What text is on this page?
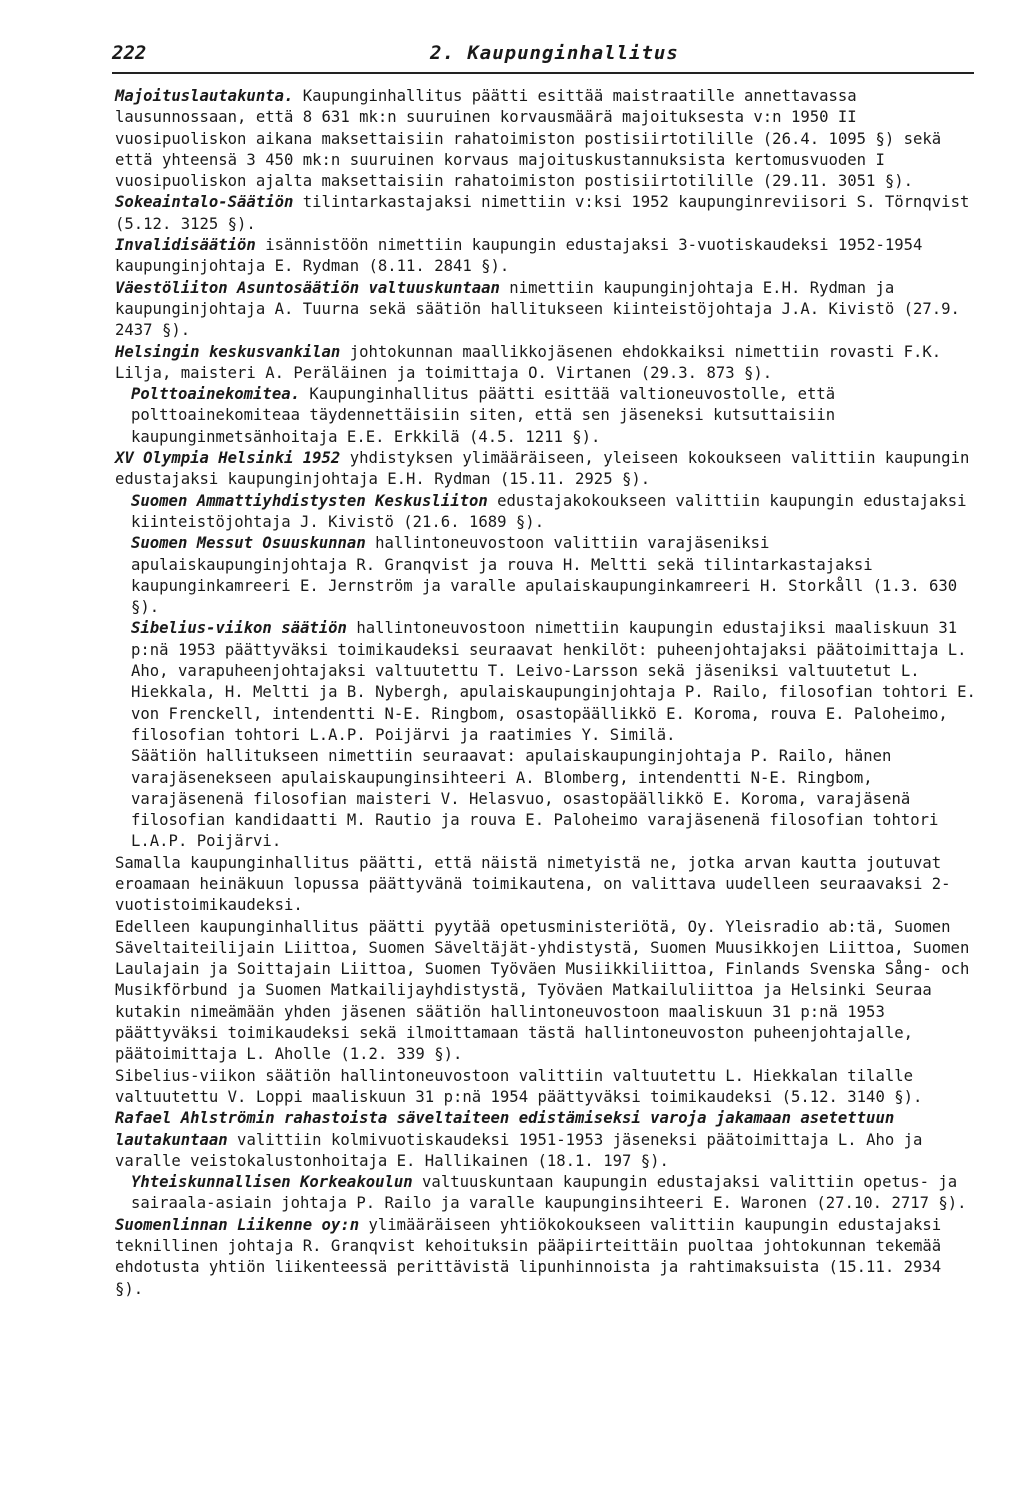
222	2. Kaupunginhallitus

Majoituslautakunta. Kaupunginhallitus päätti esittää maistraatille annettavassa lausunnossaan, että 8 631 mk:n suuruinen korvausmäärä majoituksesta v:n 1950 II vuosipuoliskon aikana maksettaisiin rahatoimiston postisiirtotilille (26.4. 1095 §) sekä että yhteensä 3 450 mk:n suuruinen korvaus majoituskustannuksista kertomusvuoden I vuosipuoliskon ajalta maksettaisiin rahatoimiston postisiirtotilille (29.11. 3051 §).

Sokeaintalo-Säätiön tilintarkastajaksi nimettiin v:ksi 1952 kaupunginreviisori S. Törnqvist (5.12. 3125 §).

Invalidisäätiön isännistöön nimettiin kaupungin edustajaksi 3-vuotiskaudeksi 1952-1954 kaupunginjohtaja E. Rydman (8.11. 2841 §).

Väestöliiton Asuntosäätiön valtuuskuntaan nimettiin kaupunginjohtaja E.H. Rydman ja kaupunginjohtaja A. Tuurna sekä säätiön hallitukseen kiinteistöjohtaja J.A. Kivistö (27.9. 2437 §).

Helsingin keskusvankilan johtokunnan maallikkojäsenen ehdokkaiksi nimettiin rovasti F.K. Lilja, maisteri A. Peräläinen ja toimittaja O. Virtanen (29.3. 873 §).

Polttoainekomitea. Kaupunginhallitus päätti esittää valtioneuvostolle, että polttoainekomiteaa täydennettäisiin siten, että sen jäseneksi kutsuttaisiin kaupunginmetsänhoitaja E.E. Erkkilä (4.5. 1211 §).

XV Olympia Helsinki 1952 yhdistyksen ylimääräiseen, yleiseen kokoukseen valittiin kaupungin edustajaksi kaupunginjohtaja E.H. Rydman (15.11. 2925 §).

Suomen Ammattiyhdistysten Keskusliiton edustajakokoukseen valittiin kaupungin edustajaksi kiinteistöjohtaja J. Kivistö (21.6. 1689 §).

Suomen Messut Osuuskunnan hallintoneuvostoon valittiin varajäseniksi apulaiskaupunginjohtaja R. Granqvist ja rouva H. Meltti sekä tilintarkastajaksi kaupunginkamreeri E. Jernström ja varalle apulaiskaupunginkamreeri H. Storkåll (1.3. 630 §).

Sibelius-viikon säätiön hallintoneuvostoon nimettiin kaupungin edustajiksi maaliskuun 31 p:nä 1953 päättyväksi toimikaudeksi seuraavat henkilöt: puheenjohtajaksi päätoimittaja L. Aho, varapuheenjohtajaksi valtuutettu T. Leivo-Larsson sekä jäseniksi valtuutetut L. Hiekkala, H. Meltti ja B. Nybergh, apulaiskaupunginjohtaja P. Railo, filosofian tohtori E. von Frenckell, intendentti N-E. Ringbom, osastopäällikkö E. Koroma, rouva E. Paloheimo, filosofian tohtori L.A.P. Poijärvi ja raatimies Y. Similä.

Säätiön hallitukseen nimettiin seuraavat: apulaiskaupunginjohtaja P. Railo, hänen varajäsenekseen apulaiskaupunginsihteeri A. Blomberg, intendentti N-E. Ringbom, varajäsenenä filosofian maisteri V. Helasvuo, osastopäällikkö E. Koroma, varajäsenä filosofian kandidaatti M. Rautio ja rouva E. Paloheimo varajäsenenä filosofian tohtori L.A.P. Poijärvi.

Samalla kaupunginhallitus päätti, että näistä nimetyistä ne, jotka arvan kautta joutuvat eroamaan heinäkuun lopussa päättyvänä toimikautena, on valittava uudelleen seuraavaksi 2-vuotistoimikaudeksi.

Edelleen kaupunginhallitus päätti pyytää opetusministeriötä, Oy. Yleisradio ab:tä, Suomen Säveltaiteilijain Liittoa, Suomen Säveltäjät-yhdistystä, Suomen Muusikkojen Liittoa, Suomen Laulajain ja Soittajain Liittoa, Suomen Työväen Musiikkiliittoa, Finlands Svenska Sång- och Musikförbund ja Suomen Matkailijayhdistystä, Työväen Matkailuliittoa ja Helsinki Seuraa kutakin nimeämään yhden jäsenen säätiön hallintoneuvostoon maaliskuun 31 p:nä 1953 päättyväksi toimikaudeksi sekä ilmoittamaan tästä hallintoneuvoston puheenjohtajalle, päätoimittaja L. Aholle (1.2. 339 §).

Sibelius-viikon säätiön hallintoneuvostoon valittiin valtuutettu L. Hiekkalan tilalle valtuutettu V. Loppi maaliskuun 31 p:nä 1954 päättyväksi toimikaudeksi (5.12. 3140 §).

Rafael Ahlströmin rahastoista säveltaiteen edistämiseksi varoja jakamaan asetettuun lautakuntaan valittiin kolmivuotiskaudeksi 1951-1953 jäseneksi päätoimittaja L. Aho ja varalle veistokalustonhoitaja E. Hallikainen (18.1. 197 §).

Yhteiskunnallisen Korkeakoulun valtuuskuntaan kaupungin edustajaksi valittiin opetus- ja sairaala-asiain johtaja P. Railo ja varalle kaupunginsihteeri E. Waronen (27.10. 2717 §).

Suomenlinnan Liikenne oy:n ylimääräiseen yhtiökokoukseen valittiin kaupungin edustajaksi teknillinen johtaja R. Granqvist kehoituksin pääpiirteittäin puoltaa johtokunnan tekemää ehdotusta yhtiön liikenteessä perittävistä lipunhinnoista ja rahtimaksuista (15.11. 2934 §).
